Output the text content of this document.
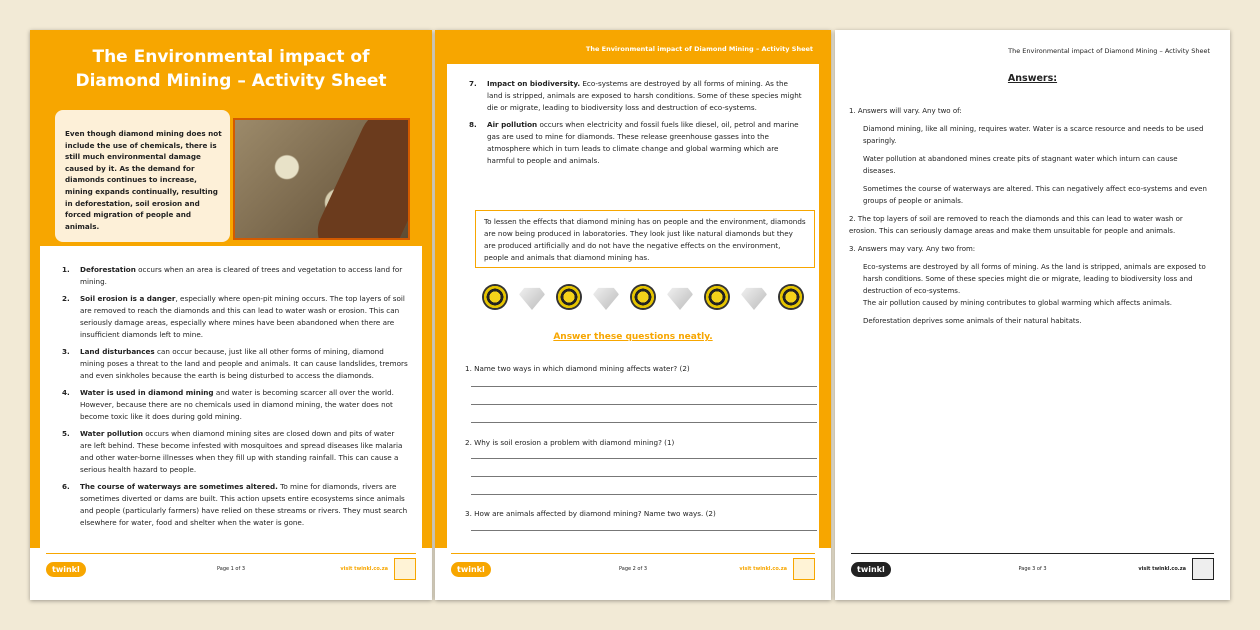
The Environmental impact of
Diamond Mining – Activity Sheet
Even though diamond mining does not include the use of chemicals, there is still much environmental damage caused by it. As the demand for diamonds continues to increase, mining expands continually, resulting in deforestation, soil erosion and forced migration of people and animals.
1. Deforestation occurs when an area is cleared of trees and vegetation to access land for mining.
2. Soil erosion is a danger, especially where open-pit mining occurs. The top layers of soil are removed to reach the diamonds and this can lead to water wash or erosion. This can seriously damage areas, especially where mines have been abandoned when there are insufficient diamonds left to mine.
3. Land disturbances can occur because, just like all other forms of mining, diamond mining poses a threat to the land and people and animals. It can cause landslides, tremors and even sinkholes because the earth is being disturbed to access the diamonds.
4. Water is used in diamond mining and water is becoming scarcer all over the world. However, because there are no chemicals used in diamond mining, the water does not become toxic like it does during gold mining.
5. Water pollution occurs when diamond mining sites are closed down and pits of water are left behind. These become infested with mosquitoes and spread diseases like malaria and other water-borne illnesses when they fill up with standing rainfall. This can cause a serious health hazard to people.
6. The course of waterways are sometimes altered. To mine for diamonds, rivers are sometimes diverted or dams are built. This action upsets entire ecosystems since animals and people (particularly farmers) have relied on these streams or rivers. They must search elsewhere for water, food and shelter when the water is gone.
twinkl	Page 1 of 3	visit twinkl.co.za
The Environmental impact of Diamond Mining – Activity Sheet
7. Impact on biodiversity. Eco-systems are destroyed by all forms of mining. As the land is stripped, animals are exposed to harsh conditions. Some of these species might die or migrate, leading to biodiversity loss and destruction of eco-systems.
8. Air pollution occurs when electricity and fossil fuels like diesel, oil, petrol and marine gas are used to mine for diamonds. These release greenhouse gasses into the atmosphere which in turn leads to climate change and global warming which are harmful to people and animals.
To lessen the effects that diamond mining has on people and the environment, diamonds are now being produced in laboratories. They look just like natural diamonds but they are produced artificially and do not have the negative effects on the environment, people and animals that diamond mining has.
Answer these questions neatly.
1. Name two ways in which diamond mining affects water? (2)
2. Why is soil erosion a problem with diamond mining? (1)
3. How are animals affected by diamond mining? Name two ways. (2)
twinkl	Page 2 of 3	visit twinkl.co.za
The Environmental impact of Diamond Mining – Activity Sheet
Answers:

1. Answers will vary. Any two of:

Diamond mining, like all mining, requires water. Water is a scarce resource and needs to be used sparingly.

Water pollution at abandoned mines create pits of stagnant water which inturn can cause diseases.

Sometimes the course of waterways are altered. This can negatively affect eco-systems and even groups of people or animals.

2. The top layers of soil are removed to reach the diamonds and this can lead to water wash or erosion. This can seriously damage areas and make them unsuitable for people and animals.

3. Answers may vary. Any two from:

Eco-systems are destroyed by all forms of mining. As the land is stripped, animals are exposed to harsh conditions. Some of these species might die or migrate, leading to biodiversity loss and destruction of eco-systems.

The air pollution caused by mining contributes to global warming which affects animals.

Deforestation deprives some animals of their natural habitats.

twinkl	Page 3 of 3	visit twinkl.co.za
